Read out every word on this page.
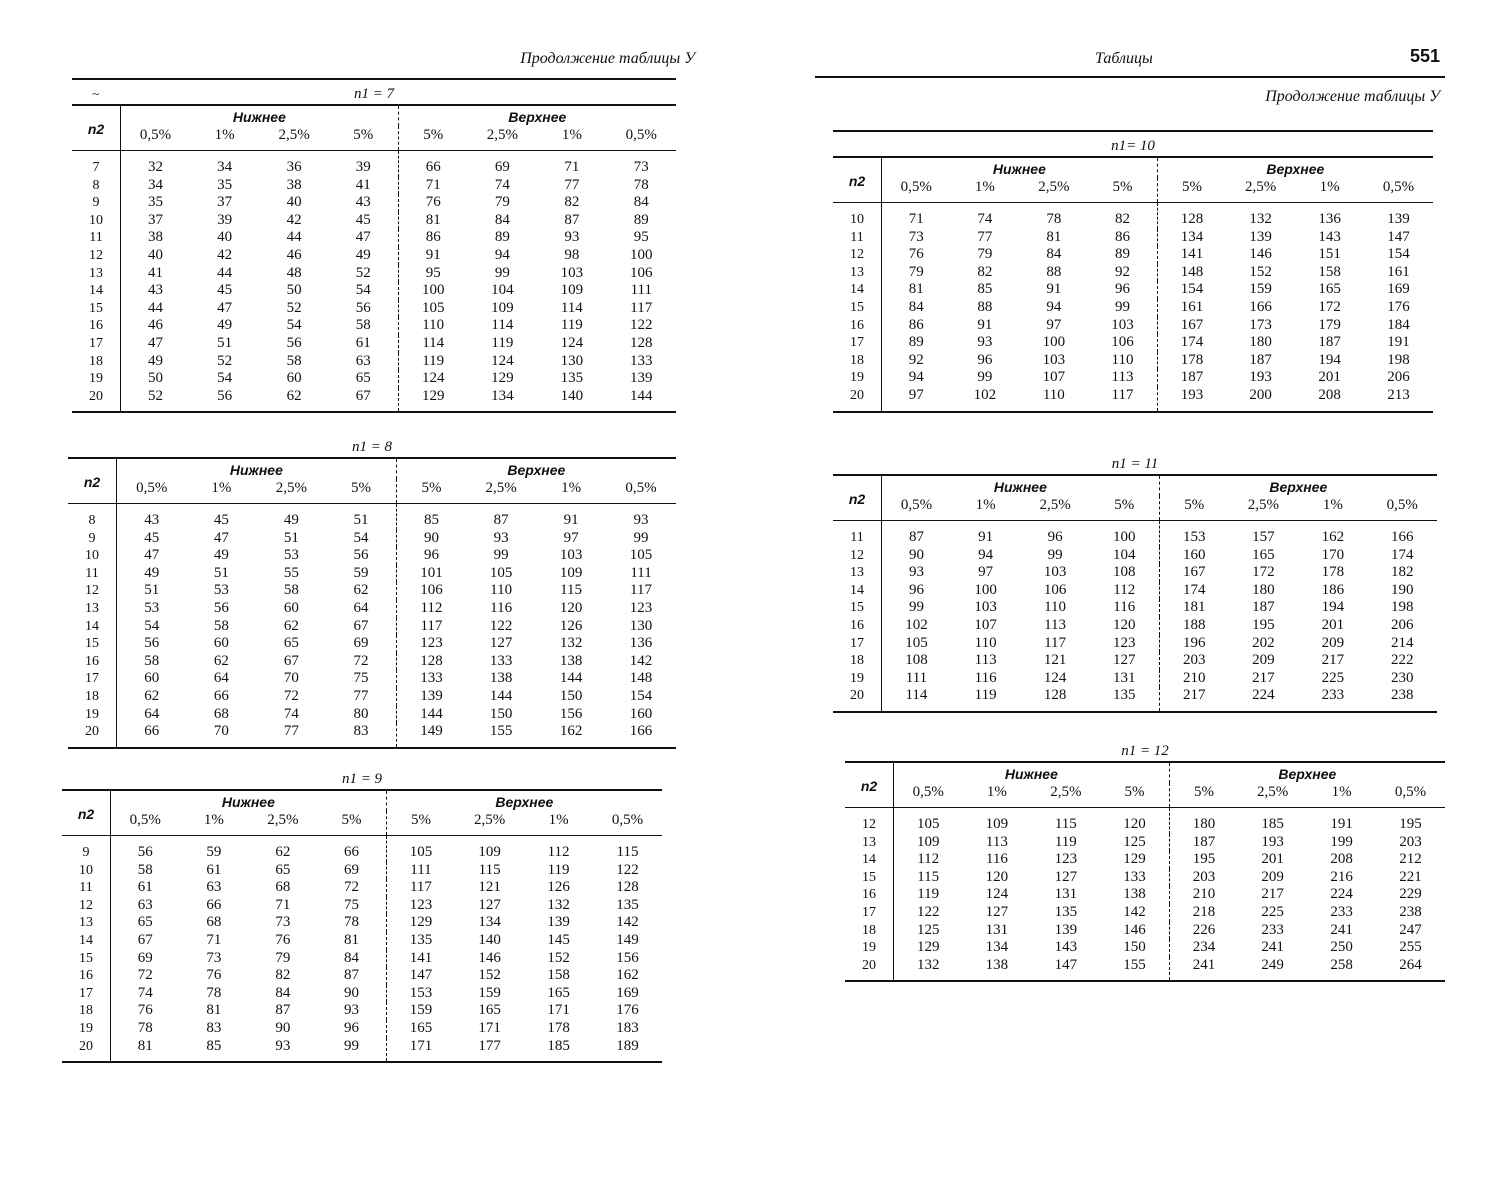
Продолжение таблицы У
~	n1 = 7
n2	Нижнее				Верхнее			
	0,5%	1%	2,5%	5%	5%	2,5%	1%	0,5%
7	32	34	36	39	66	69	71	73
8	34	35	38	41	71	74	77	78
9	35	37	40	43	76	79	82	84
10	37	39	42	45	81	84	87	89
11	38	40	44	47	86	89	93	95
12	40	42	46	49	91	94	98	100
13	41	44	48	52	95	99	103	106
14	43	45	50	54	100	104	109	111
15	44	47	52	56	105	109	114	117
16	46	49	54	58	110	114	119	122
17	47	51	56	61	114	119	124	128
18	49	52	58	63	119	124	130	133
19	50	54	60	65	124	129	135	139
20	52	56	62	67	129	134	140	144
n1 = 8
n2	Нижнее				Верхнее			
	0,5%	1%	2,5%	5%	5%	2,5%	1%	0,5%
8	43	45	49	51	85	87	91	93
9	45	47	51	54	90	93	97	99
10	47	49	53	56	96	99	103	105
11	49	51	55	59	101	105	109	111
12	51	53	58	62	106	110	115	117
13	53	56	60	64	112	116	120	123
14	54	58	62	67	117	122	126	130
15	56	60	65	69	123	127	132	136
16	58	62	67	72	128	133	138	142
17	60	64	70	75	133	138	144	148
18	62	66	72	77	139	144	150	154
19	64	68	74	80	144	150	156	160
20	66	70	77	83	149	155	162	166
n1 = 9
n2	Нижнее				Верхнее			
	0,5%	1%	2,5%	5%	5%	2,5%	1%	0,5%
9	56	59	62	66	105	109	112	115
10	58	61	65	69	111	115	119	122
11	61	63	68	72	117	121	126	128
12	63	66	71	75	123	127	132	135
13	65	68	73	78	129	134	139	142
14	67	71	76	81	135	140	145	149
15	69	73	79	84	141	146	152	156
16	72	76	82	87	147	152	158	162
17	74	78	84	90	153	159	165	169
18	76	81	87	93	159	165	171	176
19	78	83	90	96	165	171	178	183
20	81	85	93	99	171	177	185	189
Таблицы	551
Продолжение таблицы У
n1= 10
n2	Нижнее				Верхнее			
	0,5%	1%	2,5%	5%	5%	2,5%	1%	0,5%
10	71	74	78	82	128	132	136	139
11	73	77	81	86	134	139	143	147
12	76	79	84	89	141	146	151	154
13	79	82	88	92	148	152	158	161
14	81	85	91	96	154	159	165	169
15	84	88	94	99	161	166	172	176
16	86	91	97	103	167	173	179	184
17	89	93	100	106	174	180	187	191
18	92	96	103	110	178	187	194	198
19	94	99	107	113	187	193	201	206
20	97	102	110	117	193	200	208	213
n1 = 11
n2	Нижнее				Верхнее			
	0,5%	1%	2,5%	5%	5%	2,5%	1%	0,5%
11	87	91	96	100	153	157	162	166
12	90	94	99	104	160	165	170	174
13	93	97	103	108	167	172	178	182
14	96	100	106	112	174	180	186	190
15	99	103	110	116	181	187	194	198
16	102	107	113	120	188	195	201	206
17	105	110	117	123	196	202	209	214
18	108	113	121	127	203	209	217	222
19	111	116	124	131	210	217	225	230
20	114	119	128	135	217	224	233	238
n1 = 12
n2	Нижнее				Верхнее			
	0,5%	1%	2,5%	5%	5%	2,5%	1%	0,5%
12	105	109	115	120	180	185	191	195
13	109	113	119	125	187	193	199	203
14	112	116	123	129	195	201	208	212
15	115	120	127	133	203	209	216	221
16	119	124	131	138	210	217	224	229
17	122	127	135	142	218	225	233	238
18	125	131	139	146	226	233	241	247
19	129	134	143	150	234	241	250	255
20	132	138	147	155	241	249	258	264
